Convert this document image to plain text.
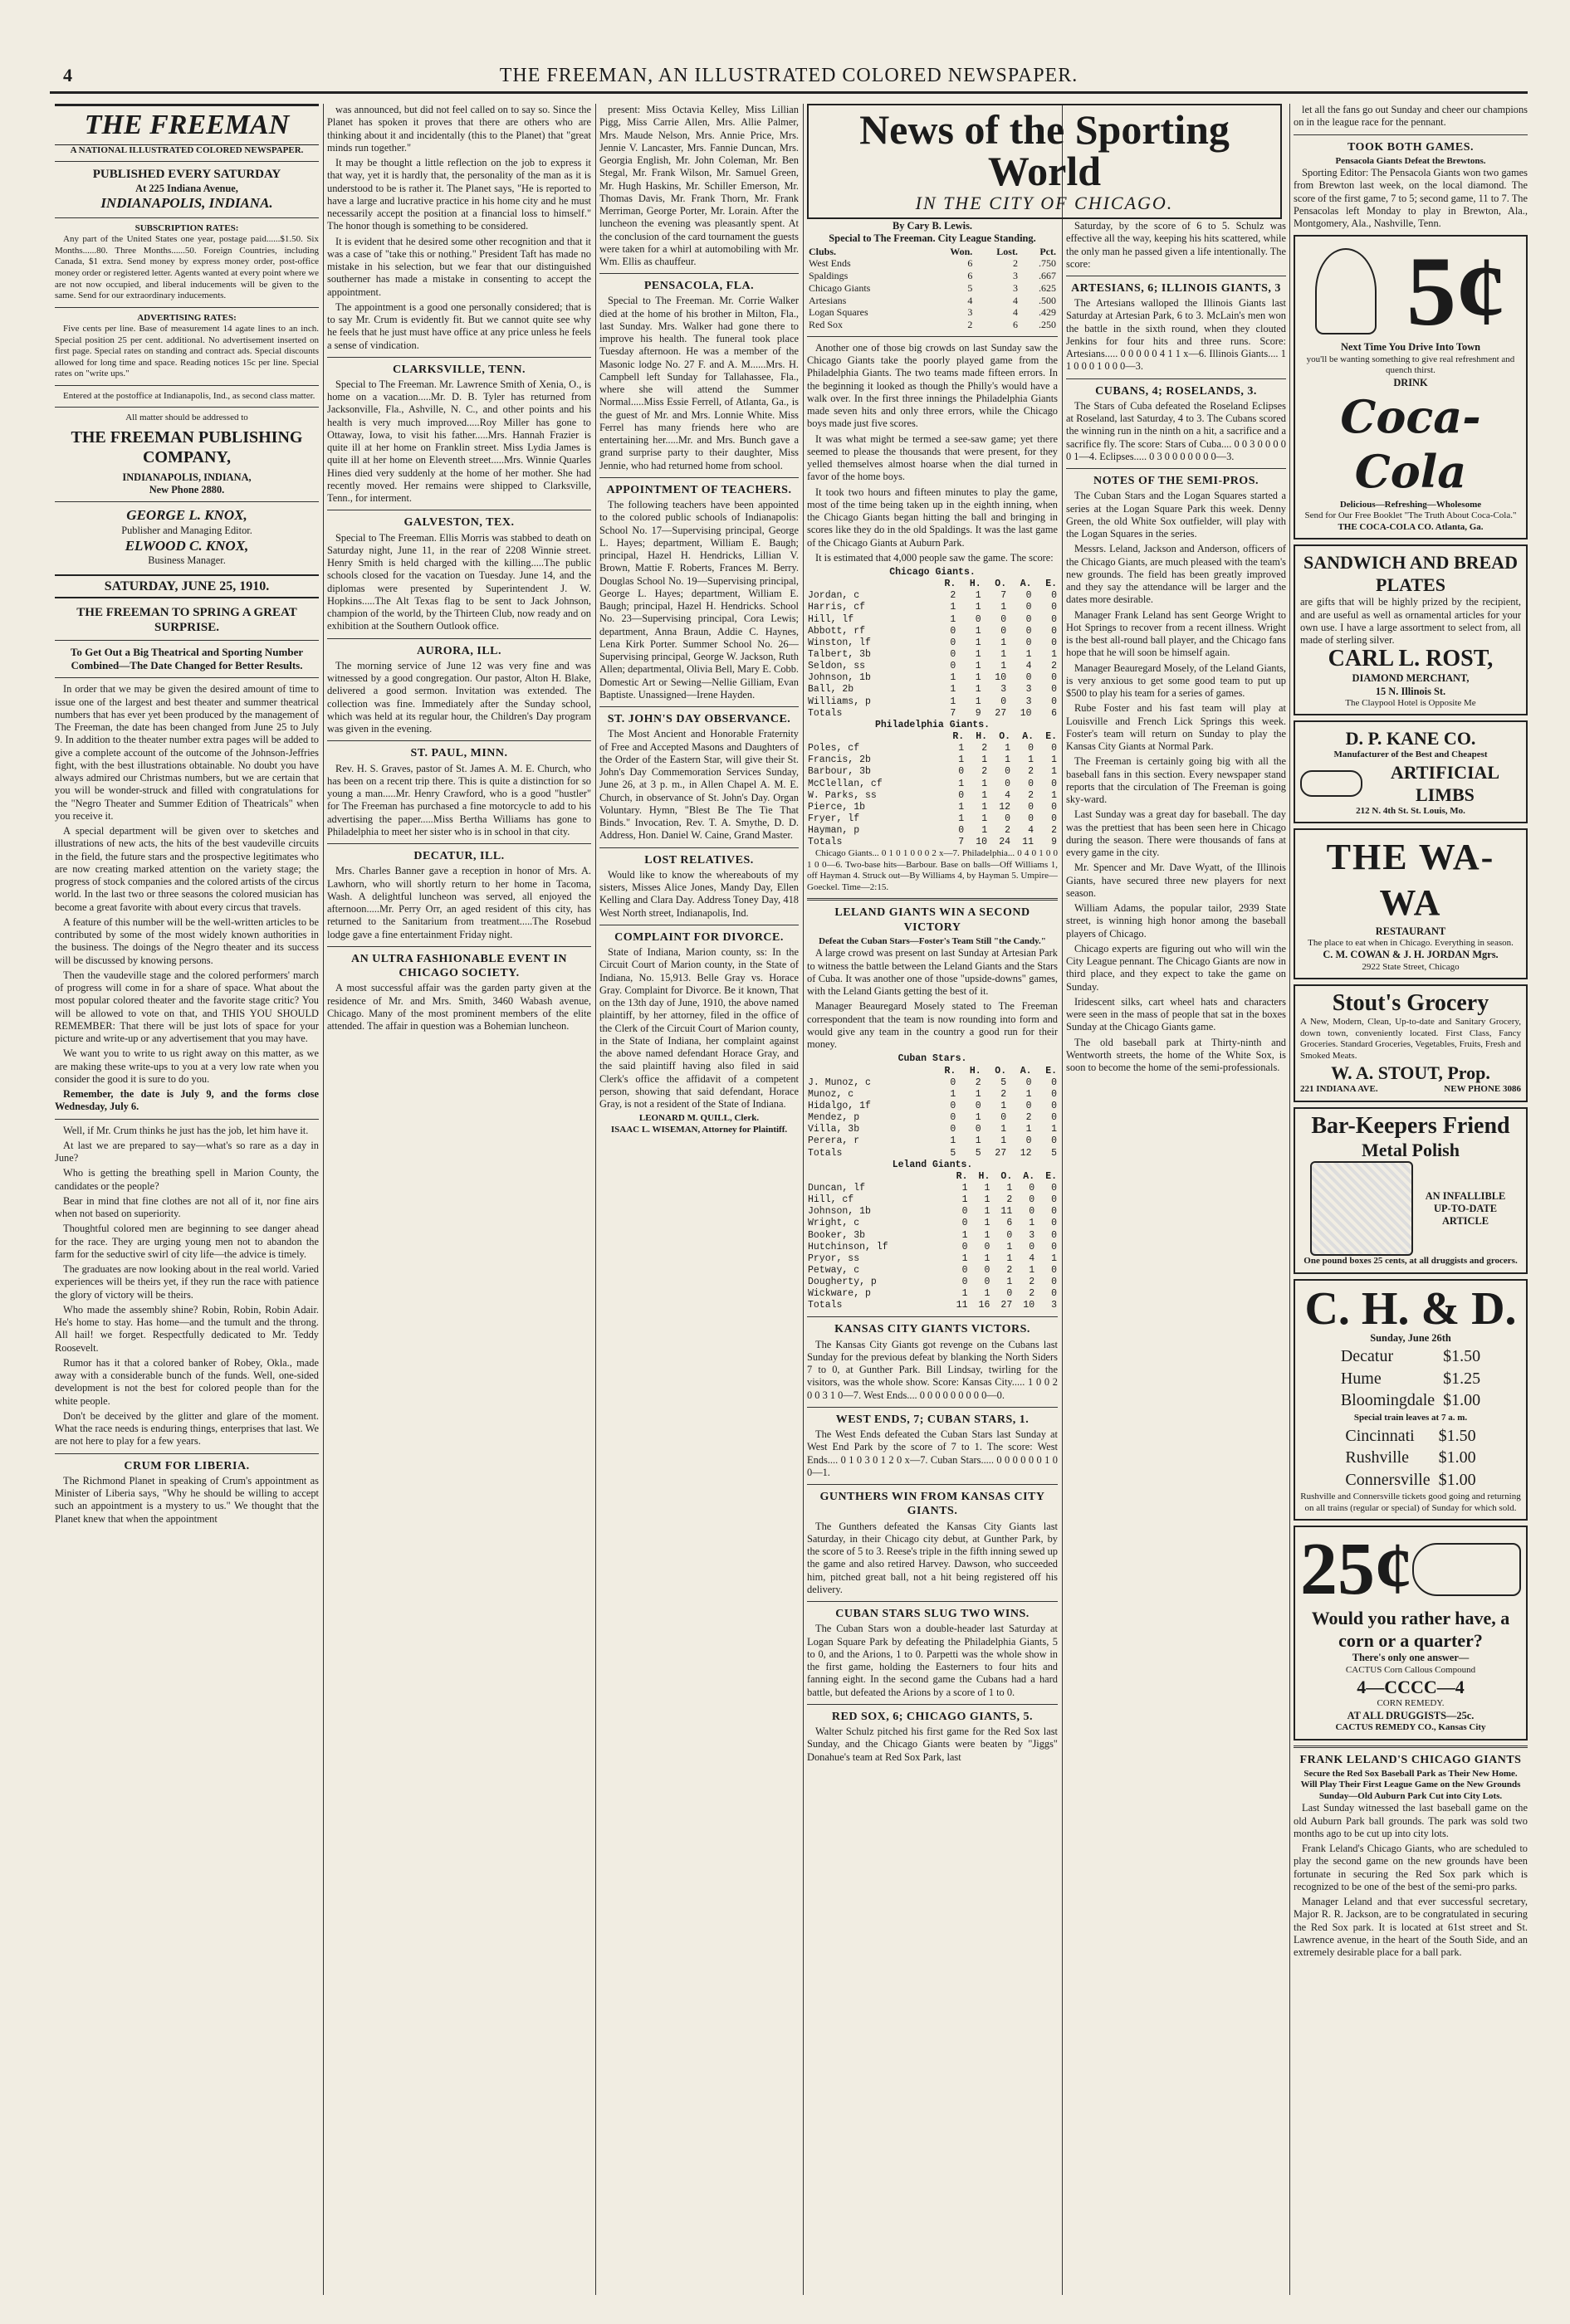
4	THE FREEMAN, AN ILLUSTRATED COLORED NEWSPAPER.
THE FREEMAN
A NATIONAL ILLUSTRATED COLORED NEWSPAPER.
PUBLISHED EVERY SATURDAY
At 225 Indiana Avenue,
INDIANAPOLIS, INDIANA.
SUBSCRIPTION RATES:

Any part of the United States one year, postage paid......$1.50. Six Months......80. Three Months......50. Foreign Countries, including Canada, $1 extra. Send money by express money order, post-office money order or registered letter. Agents wanted at every point where we are not now occupied, and liberal inducements will be given to the same. Send for our extraordinary inducements.

ADVERTISING RATES:

Five cents per line. Base of measurement 14 agate lines to an inch. Special position 25 per cent. additional. No advertisement inserted on first page. Special rates on standing and contract ads. Special discounts allowed for long time and space. Reading notices 15c per line. Special rates on "write ups."

Entered at the postoffice at Indianapolis, Ind., as second class matter.

All matter should be addressed to
THE FREEMAN PUBLISHING COMPANY,
INDIANAPOLIS, INDIANA,
New Phone 2880.
GEORGE L. KNOX,
Publisher and Managing Editor.
ELWOOD C. KNOX,
Business Manager.
SATURDAY, JUNE 25, 1910.
THE FREEMAN TO SPRING A GREAT SURPRISE.
To Get Out a Big Theatrical and Sporting Number Combined—The Date Changed for Better Results.

In order that we may be given the desired amount of time to issue one of the largest and best theater and summer theatrical numbers that has ever yet been produced by the management of The Freeman, the date has been changed from June 25 to July 9. In addition to the theater number extra pages will be added to give a complete account of the outcome of the Johnson-Jeffries fight, with the best illustrations obtainable. No doubt you have always admired our Christmas numbers, but we are certain that you will be wonder-struck and filled with congratulations for the "Negro Theater and Summer Edition of Theatricals" when you receive it.

A special department will be given over to sketches and illustrations of new acts, the hits of the best vaudeville circuits in the field, the future stars and the prospective legitimates who are now creating marked attention on the variety stage; the progress of stock companies and the colored artists of the circus world. In the last two or three seasons the colored musician has become a great favorite with about every circus that travels.

A feature of this number will be the well-written articles to be contributed by some of the most widely known authorities in the business. The doings of the Negro theater and its success will be discussed by knowing persons.

Then the vaudeville stage and the colored performers' march of progress will come in for a share of space. What about the most popular colored theater and the favorite stage critic? You will be allowed to vote on that, and THIS YOU SHOULD REMEMBER: That there will be just lots of space for your picture and write-up or any advertisement that you may have.

We want you to write to us right away on this matter, as we are making these write-ups to you at a very low rate when you consider the good it is sure to do you.

Remember, the date is July 9, and the forms close Wednesday, July 6.

Well, if Mr. Crum thinks he just has the job, let him have it.

At last we are prepared to say—what's so rare as a day in June?

Who is getting the breathing spell in Marion County, the candidates or the people?

Bear in mind that fine clothes are not all of it, nor fine airs when not based on superiority.

Thoughtful colored men are beginning to see danger ahead for the race. They are urging young men not to abandon the farm for the seductive swirl of city life—the advice is timely.

The graduates are now looking about in the real world. Varied experiences will be theirs yet, if they run the race with patience the glory of victory will be theirs.

Who made the assembly shine? Robin, Robin, Robin Adair. He's home to stay. Has home—and the tumult and the throng. All hail! we forget. Respectfully dedicated to Mr. Teddy Roosevelt.

Rumor has it that a colored banker of Robey, Okla., made away with a considerable bunch of the funds. Well, one-sided development is not the best for colored people than for the white people.

Don't be deceived by the glitter and glare of the moment. What the race needs is enduring things, enterprises that last. We are not here to play for a few years.

CRUM FOR LIBERIA.

The Richmond Planet in speaking of Crum's appointment as Minister of Liberia says, "Why he should be willing to accept such an appointment is a mystery to us." We thought that the Planet knew that when the appointment

was announced, but did not feel called on to say so. Since the Planet has spoken it proves that there are others who are thinking about it and incidentally (this to the Planet) that "great minds run together."

It may be thought a little reflection on the job to express it that way, yet it is hardly that, the personality of the man as it is understood to be is rather it. The Planet says, "He is reported to have a large and lucrative practice in his home city and he must necessarily accept the position at a financial loss to himself." The honor though is something to be considered.

It is evident that he desired some other recognition and that it was a case of "take this or nothing." President Taft has made no mistake in his selection, but we fear that our distinguished southerner has made a mistake in consenting to accept the appointment.

The appointment is a good one personally considered; that is to say Mr. Crum is evidently fit. But we cannot quite see why he feels that he just must have office at any price unless he feels a sense of vindication.

CLARKSVILLE, TENN.

Special to The Freeman. Mr. Lawrence Smith of Xenia, O., is home on a vacation.....Mr. D. B. Tyler has returned from Jacksonville, Fla., Ashville, N. C., and other points and his health is very much improved.....Roy Miller has gone to Ottaway, Iowa, to visit his father.....Mrs. Hannah Frazier is quite ill at her home on Franklin street. Miss Lydia James is quite ill at her home on Eleventh street.....Mrs. Winnie Quarles Hines died very suddenly at the home of her mother. She had recently moved. Her remains were shipped to Clarksville, Tenn., for interment.

GALVESTON, TEX.

Special to The Freeman. Ellis Morris was stabbed to death on Saturday night, June 11, in the rear of 2208 Winnie street. Henry Smith is held charged with the killing.....The public schools closed for the vacation on Tuesday. June 14, and the diplomas were presented by Superintendent J. W. Hopkins.....The Alt Texas flag to be sent to Jack Johnson, champion of the world, by the Thirteen Club, now ready and on exhibition at the Southern Outlook office.

AURORA, ILL.

The morning service of June 12 was very fine and was witnessed by a good congregation. Our pastor, Alton H. Blake, delivered a good sermon. Invitation was extended. The collection was fine. Immediately after the Sunday school, which was held at its regular hour, the Children's Day program was given in the evening.

ST. PAUL, MINN.

Rev. H. S. Graves, pastor of St. James A. M. E. Church, who has been on a recent trip there. This is quite a distinction for so young a man.....Mr. Henry Crawford, who is a good "hustler" for The Freeman has purchased a fine motorcycle to add to his advertising the paper.....Miss Bertha Williams has gone to Philadelphia to meet her sister who is in school in that city.

DECATUR, ILL.

Mrs. Charles Banner gave a reception in honor of Mrs. A. Lawhorn, who will shortly return to her home in Tacoma, Wash. A delightful luncheon was served, all enjoyed the afternoon.....Mr. Perry Orr, an aged resident of this city, has returned to the Sanitarium from treatment.....The Rosebud lodge gave a fine entertainment Friday night.

AN ULTRA FASHIONABLE EVENT IN CHICAGO SOCIETY.

A most successful affair was the garden party given at the residence of Mr. and Mrs. Smith, 3460 Wabash avenue, Chicago. Many of the most prominent members of the elite attended. The affair in question was a Bohemian luncheon.

present: Miss Octavia Kelley, Miss Lillian Pigg, Miss Carrie Allen, Mrs. Allie Palmer, Mrs. Maude Nelson, Mrs. Annie Price, Mrs. Jennie V. Lancaster, Mrs. Fannie Duncan, Mrs. Georgia English, Mr. John Coleman, Mr. Ben Stegal, Mr. Frank Wilson, Mr. Samuel Green, Mr. Hugh Haskins, Mr. Schiller Emerson, Mr. Thomas Davis, Mr. Frank Thorn, Mr. Frank Merriman, George Porter, Mr. Lorain. After the luncheon the evening was pleasantly spent. At the conclusion of the card tournament the guests were taken for a whirl at automobiling with Mr. Wm. Ellis as chauffeur.

PENSACOLA, FLA.

Special to The Freeman. Mr. Corrie Walker died at the home of his brother in Milton, Fla., last Sunday. Mrs. Walker had gone there to improve his health. The funeral took place Tuesday afternoon. He was a member of the Masonic lodge No. 27 F. and A. M......Mrs. H. Campbell left Sunday for Tallahassee, Fla., where she will attend the Summer Normal.....Miss Essie Ferrell, of Atlanta, Ga., is the guest of Mr. and Mrs. Lonnie White. Miss Ferrel has many friends here who are entertaining her.....Mr. and Mrs. Bunch gave a grand surprise party to their daughter, Miss Jennie, who had returned home from school.

APPOINTMENT OF TEACHERS.

The following teachers have been appointed to the colored public schools of Indianapolis: School No. 17—Supervising principal, George L. Hayes; department, William E. Baugh; principal, Hazel H. Hendricks, Lillian V. Brown, Mattie F. Roberts, Frances M. Berry. Douglas School No. 19—Supervising principal, George L. Hayes; department, William E. Baugh; principal, Hazel H. Hendricks. School No. 23—Supervising principal, Cora Lewis; department, Anna Braun, Addie C. Haynes, Lena Kirk Porter. Summer School No. 26—Supervising principal, George W. Jackson, Ruth Allen; departmental, Olivia Bell, Mary E. Cobb. Domestic Art or Sewing—Nellie Gilliam, Evan Baptiste. Unassigned—Irene Hayden.

ST. JOHN'S DAY OBSERVANCE.

The Most Ancient and Honorable Fraternity of Free and Accepted Masons and Daughters of the Order of the Eastern Star, will give their St. John's Day Commemoration Services Sunday, June 26, at 3 p. m., in Allen Chapel A. M. E. Church, in observance of St. John's Day. Organ Voluntary. Hymn, "Blest Be The Tie That Binds." Invocation, Rev. T. A. Smythe, D. D. Address, Hon. Daniel W. Caine, Grand Master.

LOST RELATIVES.

Would like to know the whereabouts of my sisters, Misses Alice Jones, Mandy Day, Ellen Kelling and Clara Day. Address Toney Day, 418 West North street, Indianapolis, Ind.

COMPLAINT FOR DIVORCE.

State of Indiana, Marion county, ss: In the Circuit Court of Marion county, in the State of Indiana, No. 15,913. Belle Gray vs. Horace Gray. Complaint for Divorce. Be it known, That on the 13th day of June, 1910, the above named plaintiff, by her attorney, filed in the office of the Clerk of the Circuit Court of Marion county, in the State of Indiana, her complaint against the above named defendant Horace Gray, and the said plaintiff having also filed in said Clerk's office the affidavit of a competent person, showing that said defendant, Horace Gray, is not a resident of the State of Indiana.

LEONARD M. QUILL, Clerk.
ISAAC L. WISEMAN, Attorney for Plaintiff.
News of the Sporting World
IN THE CITY OF CHICAGO.
By Cary B. Lewis.
Special to The Freeman. City League Standing.
Clubs.	Won.	Lost.	Pct.
West Ends	6	2	.750
Spaldings	6	3	.667
Chicago Giants	5	3	.625
Artesians	4	4	.500
Logan Squares	3	4	.429
Red Sox	2	6	.250

Another one of those big crowds on last Sunday saw the Chicago Giants take the poorly played game from the Philadelphia Giants. The two teams made fifteen errors. In the beginning it looked as though the Philly's would have a walk over. In the first three innings the Philadelphia Giants made seven hits and only three errors, while the Chicago boys made just five scores.

It was what might be termed a see-saw game; yet there seemed to please the thousands that were present, for they yelled themselves almost hoarse when the dial turned in favor of the home boys.

It took two hours and fifteen minutes to play the game, most of the time being taken up in the eighth inning, when the Chicago Giants began hitting the ball and bringing in scores like they do in the old Spaldings. It was the last game of the Chicago Giants at Auburn Park.

It is estimated that 4,000 people saw the game. The score:

Chicago Giants.
	R.	H.	O.	A.	E.
Jordan, c	2	1	7	0	0
Harris, cf	1	1	1	0	0
Hill, lf	1	0	0	0	0
Abbott, rf	0	1	0	0	0
Winston, lf	0	1	1	0	0
Talbert, 3b	0	1	1	1	1
Seldon, ss	0	1	1	4	2
Johnson, 1b	1	1	10	0	0
Ball, 2b	1	1	3	3	0
Williams, p	1	1	0	3	0
Totals	7	9	27	10	6
Philadelphia Giants.
	R.	H.	O.	A.	E.
Poles, cf	1	2	1	0	0
Francis, 2b	1	1	1	1	1
Barbour, 3b	0	2	0	2	1
McClellan, cf	1	1	0	0	0
W. Parks, ss	0	1	4	2	1
Pierce, 1b	1	1	12	0	0
Fryer, lf	1	1	0	0	0
Hayman, p	0	1	2	4	2
Totals	7	10	24	11	9

Chicago Giants... 0 1 0 1 0 0 0 2 x—7. Philadelphia... 0 4 0 1 0 0 1 0 0—6. Two-base hits—Barbour. Base on balls—Off Williams 1, off Hayman 4. Struck out—By Williams 4, by Hayman 5. Umpire—Goeckel. Time—2:15.

LELAND GIANTS WIN A SECOND VICTORY
Defeat the Cuban Stars—Foster's Team Still "the Candy."

A large crowd was present on last Sunday at Artesian Park to witness the battle between the Leland Giants and the Stars of Cuba. It was another one of those "upside-downs" games, with the Leland Giants getting the best of it.

Manager Beauregard Mosely stated to The Freeman correspondent that the team is now rounding into form and would give any team in the country a good run for their money.

Cuban Stars.
	R.	H.	O.	A.	E.
J. Munoz, c	0	2	5	0	0
Munoz, c	1	1	2	1	0
Hidalgo, 1f	0	0	1	0	0
Mendez, p	0	1	0	2	0
Villa, 3b	0	0	1	1	1
Perera, r	1	1	1	0	0
Totals	5	5	27	12	5
Leland Giants.
	R.	H.	O.	A.	E.
Duncan, lf	1	1	1	0	0
Hill, cf	1	1	2	0	0
Johnson, 1b	0	1	11	0	0
Wright, c	0	1	6	1	0
Booker, 3b	1	1	0	3	0
Hutchinson, lf	0	0	1	0	0
Pryor, ss	1	1	1	4	1
Petway, c	0	0	2	1	0
Dougherty, p	0	0	1	2	0
Wickware, p	1	1	0	2	0
Totals	11	16	27	10	3
KANSAS CITY GIANTS VICTORS.

The Kansas City Giants got revenge on the Cubans last Sunday for the previous defeat by blanking the North Siders 7 to 0, at Gunther Park. Bill Lindsay, twirling for the visitors, was the whole show. Score: Kansas City..... 1 0 0 2 0 0 3 1 0—7. West Ends.... 0 0 0 0 0 0 0 0 0—0.

WEST ENDS, 7; CUBAN STARS, 1.

The West Ends defeated the Cuban Stars last Sunday at West End Park by the score of 7 to 1. The score: West Ends.... 0 1 0 3 0 1 2 0 x—7. Cuban Stars..... 0 0 0 0 0 0 1 0 0—1.

GUNTHERS WIN FROM KANSAS CITY GIANTS.

The Gunthers defeated the Kansas City Giants last Saturday, in their Chicago city debut, at Gunther Park, by the score of 5 to 3. Reese's triple in the fifth inning sewed up the game and also retired Harvey. Dawson, who succeeded him, pitched great ball, not a hit being registered off his delivery.

CUBAN STARS SLUG TWO WINS.

The Cuban Stars won a double-header last Saturday at Logan Square Park by defeating the Philadelphia Giants, 5 to 0, and the Arions, 1 to 0. Parpetti was the whole show in the first game, holding the Easterners to four hits and fanning eight. In the second game the Cubans had a hard battle, but defeated the Arions by a score of 1 to 0.

RED SOX, 6; CHICAGO GIANTS, 5.

Walter Schulz pitched his first game for the Red Sox last Sunday, and the Chicago Giants were beaten by "Jiggs" Donahue's team at Red Sox Park, last

Saturday, by the score of 6 to 5. Schulz was effective all the way, keeping his hits scattered, while the only man he passed given a life intentionally. The score:

ARTESIANS, 6; ILLINOIS GIANTS, 3

The Artesians walloped the Illinois Giants last Saturday at Artesian Park, 6 to 3. McLain's men won the battle in the sixth round, when they clouted Jenkins for four hits and three runs. Score: Artesians..... 0 0 0 0 0 4 1 1 x—6. Illinois Giants.... 1 1 0 0 0 1 0 0 0—3.

CUBANS, 4; ROSELANDS, 3.

The Stars of Cuba defeated the Roseland Eclipses at Roseland, last Saturday, 4 to 3. The Cubans scored the winning run in the ninth on a hit, a sacrifice and a sacrifice fly. The score: Stars of Cuba.... 0 0 3 0 0 0 0 0 1—4. Eclipses..... 0 3 0 0 0 0 0 0 0—3.

NOTES OF THE SEMI-PROS.

The Cuban Stars and the Logan Squares started a series at the Logan Square Park this week. Denny Green, the old White Sox outfielder, will play with the Logan Squares in the series.

Messrs. Leland, Jackson and Anderson, officers of the Chicago Giants, are much pleased with the team's new grounds. The field has been greatly improved and they say the attendance will be larger and the dates more desirable.

Manager Frank Leland has sent George Wright to Hot Springs to recover from a recent illness. Wright is the best all-round ball player, and the Chicago fans hope that he will soon be himself again.

Manager Beauregard Mosely, of the Leland Giants, is very anxious to get some good team to put up $500 to play his team for a series of games.

Rube Foster and his fast team will play at Louisville and French Lick Springs this week. Foster's team will return on Sunday to play the Kansas City Giants at Normal Park.

The Freeman is certainly going big with all the baseball fans in this section. Every newspaper stand reports that the circulation of The Freeman is going sky-ward.

Last Sunday was a great day for baseball. The day was the prettiest that has been seen here in Chicago during the season. There were thousands of fans at every game in the city.

Mr. Spencer and Mr. Dave Wyatt, of the Illinois Giants, have secured three new players for next season.

William Adams, the popular tailor, 2939 State street, is winning high honor among the baseball players of Chicago.

Chicago experts are figuring out who will win the City League pennant. The Chicago Giants are now in third place, and they expect to take the game on Sunday.

Iridescent silks, cart wheel hats and characters were seen in the mass of people that sat in the boxes Sunday at the Chicago Giants game.

The old baseball park at Thirty-ninth and Wentworth streets, the home of the White Sox, is soon to become the home of the semi-professionals.

let all the fans go out Sunday and cheer our champions on in the league race for the pennant.

TOOK BOTH GAMES.
Pensacola Giants Defeat the Brewtons.

Sporting Editor: The Pensacola Giants won two games from Brewton last week, on the local diamond. The score of the first game, 7 to 5; second game, 11 to 7. The Pensacolas left Monday to play in Brewton, Ala., Montgomery, Ala., Nashville, Tenn.

5¢
Next Time You Drive Into Town
you'll be wanting something to give real refreshment and quench thirst.
DRINK
Coca-Cola
Delicious—Refreshing—Wholesome
Send for Our Free Booklet "The Truth About Coca-Cola."
THE COCA-COLA CO. Atlanta, Ga.
SANDWICH AND BREAD PLATES
are gifts that will be highly prized by the recipient, and are useful as well as ornamental articles for your own use. I have a large assortment to select from, all made of sterling silver.
CARL L. ROST,
DIAMOND MERCHANT,
15 N. Illinois St.
The Claypool Hotel is Opposite Me
D. P. KANE CO.
Manufacturer of the Best and Cheapest
ARTIFICIAL LIMBS
212 N. 4th St. St. Louis, Mo.
THE WA-WA
RESTAURANT
The place to eat when in Chicago. Everything in season.
C. M. COWAN & J. H. JORDAN Mgrs.
2922 State Street, Chicago
Stout's Grocery
A New, Modern, Clean, Up-to-date and Sanitary Grocery, down town, conveniently located. First Class, Fancy Groceries. Standard Groceries, Vegetables, Fruits, Fresh and Smoked Meats.
W. A. STOUT, Prop.
221 INDIANA AVE.	NEW PHONE 3086
Bar-Keepers Friend
Metal Polish
AN INFALLIBLE UP-TO-DATE ARTICLE
One pound boxes 25 cents, at all druggists and grocers.
C. H. & D.
Sunday, June 26th
Decatur	$1.50
Hume	$1.25
Bloomingdale	$1.00
Special train leaves at 7 a. m.
Cincinnati	$1.50
Rushville	$1.00
Connersville	$1.00
Rushville and Connersville tickets good going and returning on all trains (regular or special) of Sunday for which sold.
25¢
Would you rather have, a corn or a quarter?
There's only one answer—
CACTUS Corn Callous Compound
4—CCCC—4
CORN REMEDY.
AT ALL DRUGGISTS—25c.
CACTUS REMEDY CO., Kansas City
FRANK LELAND'S CHICAGO GIANTS
Secure the Red Sox Baseball Park as Their New Home.
Will Play Their First League Game on the New Grounds Sunday—Old Auburn Park Cut into City Lots.

Last Sunday witnessed the last baseball game on the old Auburn Park ball grounds. The park was sold two months ago to be cut up into city lots.

Frank Leland's Chicago Giants, who are scheduled to play the second game on the new grounds have been fortunate in securing the Red Sox park which is recognized to be one of the best of the semi-pro parks.

Manager Leland and that ever successful secretary, Major R. R. Jackson, are to be congratulated in securing the Red Sox park. It is located at 61st street and St. Lawrence avenue, in the heart of the South Side, and an extremely desirable place for a ball park.
